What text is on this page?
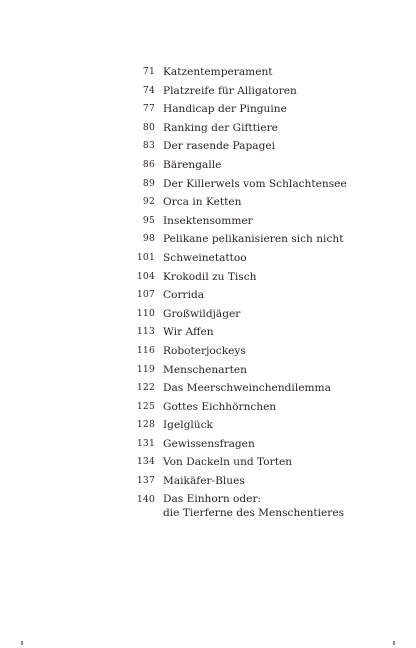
71 Katzentemperament
74 Platzreife für Alligatoren
77 Handicap der Pinguine
80 Ranking der Gifttiere
83 Der rasende Papagei
86 Bärengalle
89 Der Killerwels vom Schlachtensee
92 Orca in Ketten
95 Insektensommer
98 Pelikane pelikanisieren sich nicht
101 Schweinetattoo
104 Krokodil zu Tisch
107 Corrida
110 Großwildjäger
113 Wir Affen
116 Roboterjockeys
119 Menschenarten
122 Das Meerschweinchendilemma
125 Gottes Eichhörnchen
128 Igelglück
131 Gewissensfragen
134 Von Dackeln und Torten
137 Maikäfer-Blues
140 Das Einhorn oder:
die Tierferne des Menschentieres
